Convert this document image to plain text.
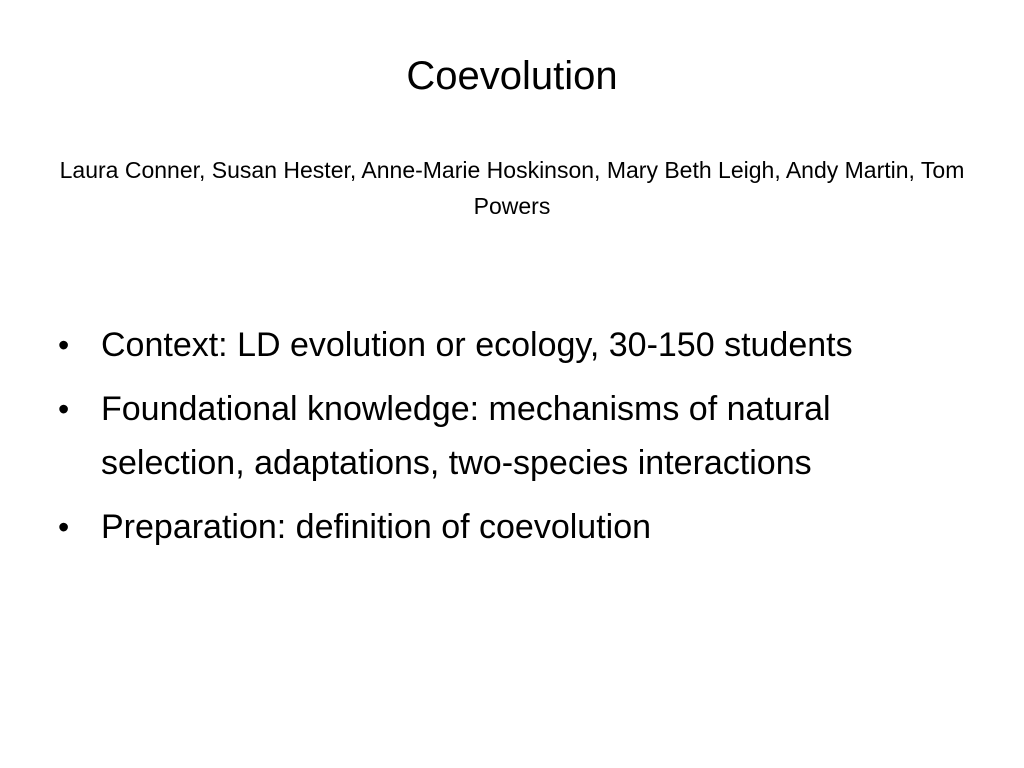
Coevolution
Laura Conner, Susan Hester, Anne-Marie Hoskinson, Mary Beth Leigh, Andy Martin, Tom Powers
• Context: LD evolution or ecology, 30-150 students
• Foundational knowledge: mechanisms of natural selection, adaptations, two-species interactions
• Preparation: definition of coevolution
